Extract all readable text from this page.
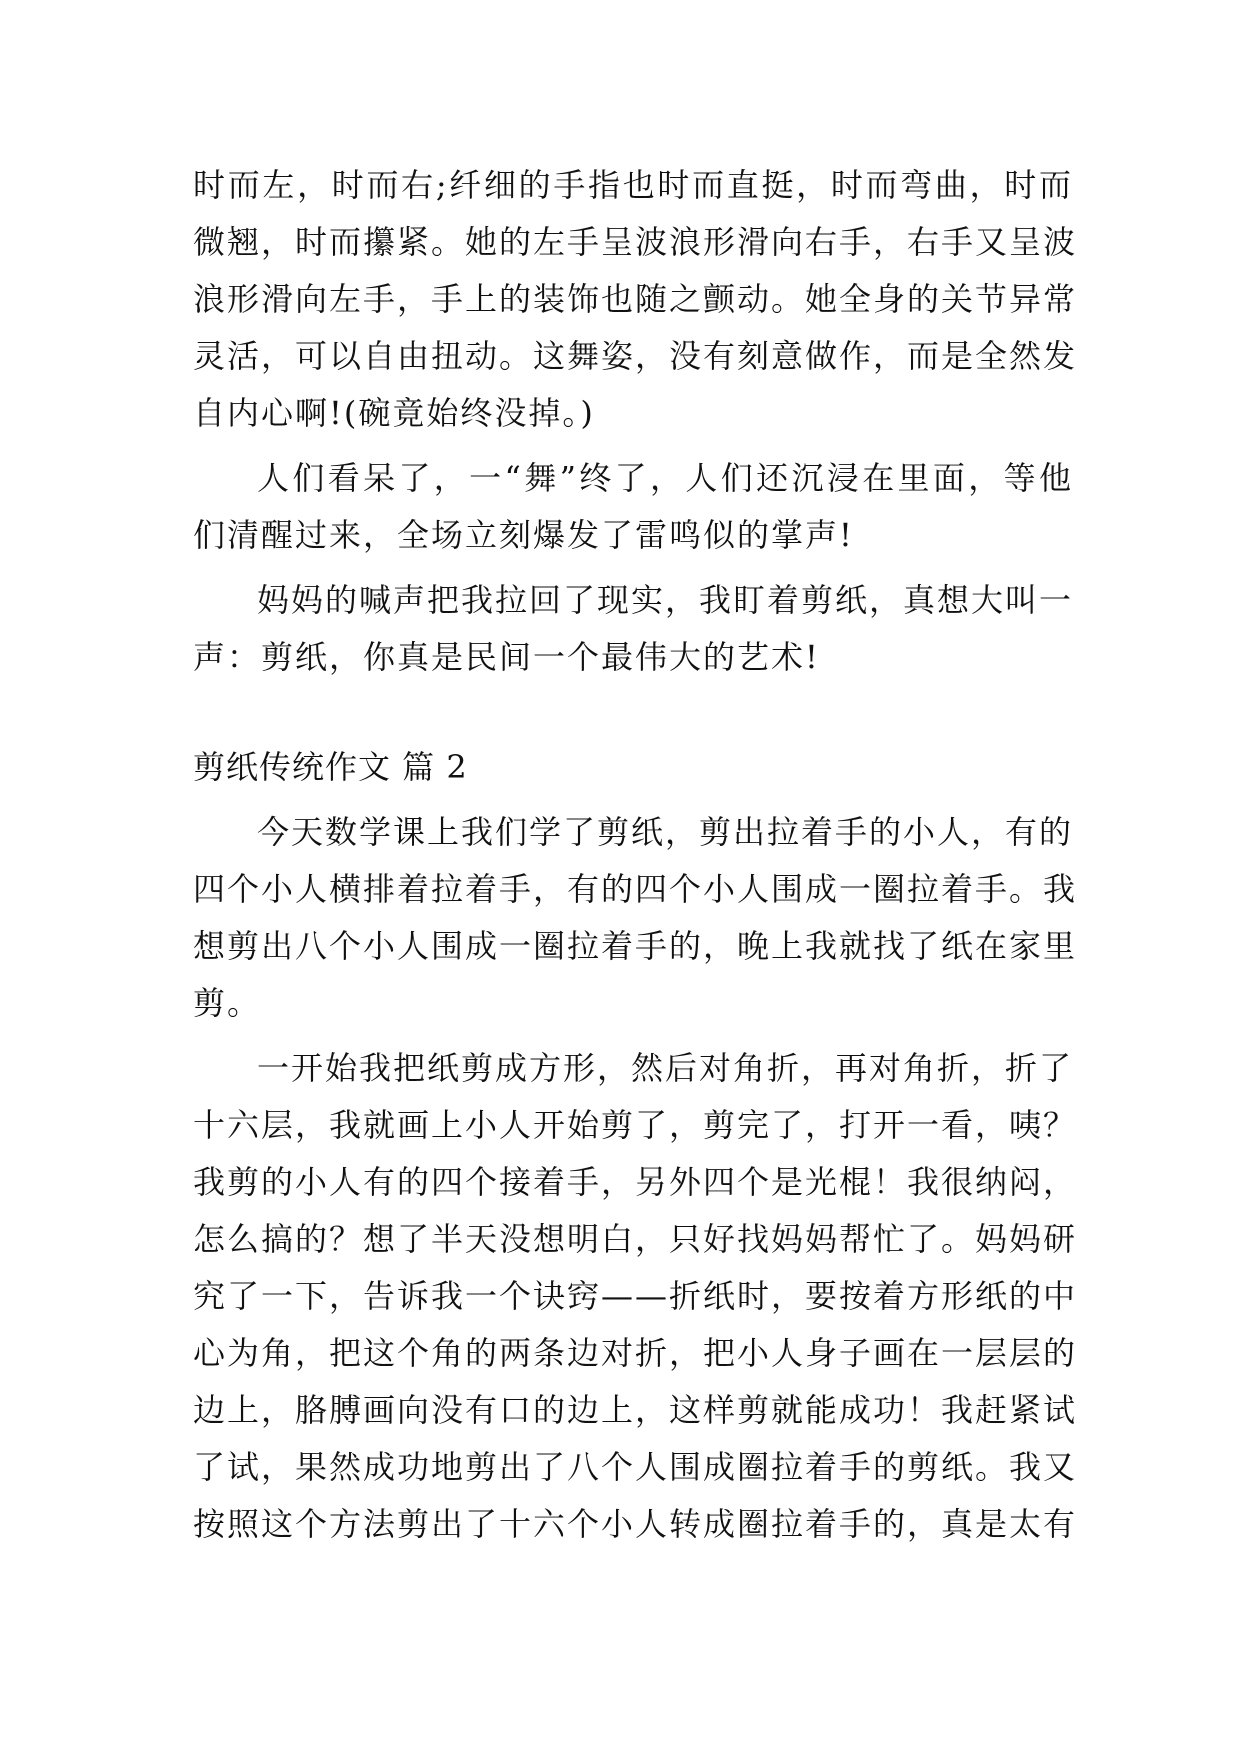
时而左，时而右;纤细的手指也时而直挺，时而弯曲，时而
微翘，时而攥紧。她的左手呈波浪形滑向右手，右手又呈波
浪形滑向左手，手上的装饰也随之颤动。她全身的关节异常
灵活，可以自由扭动。这舞姿，没有刻意做作，而是全然发
自内心啊!(碗竟始终没掉。)
人们看呆了，一“舞”终了，人们还沉浸在里面，等他
们清醒过来，全场立刻爆发了雷鸣似的掌声!
妈妈的喊声把我拉回了现实，我盯着剪纸，真想大叫一
声：剪纸，你真是民间一个最伟大的艺术!
剪纸传统作文 篇 2
今天数学课上我们学了剪纸，剪出拉着手的小人，有的
四个小人横排着拉着手，有的四个小人围成一圈拉着手。我
想剪出八个小人围成一圈拉着手的，晚上我就找了纸在家里
剪。
一开始我把纸剪成方形，然后对角折，再对角折，折了
十六层，我就画上小人开始剪了，剪完了，打开一看，咦？
我剪的小人有的四个接着手，另外四个是光棍！我很纳闷，
怎么搞的？想了半天没想明白，只好找妈妈帮忙了。妈妈研
究了一下，告诉我一个诀窍——折纸时，要按着方形纸的中
心为角，把这个角的两条边对折，把小人身子画在一层层的
边上，胳膊画向没有口的边上，这样剪就能成功！我赶紧试
了试，果然成功地剪出了八个人围成圈拉着手的剪纸。我又
按照这个方法剪出了十六个小人转成圈拉着手的，真是太有
